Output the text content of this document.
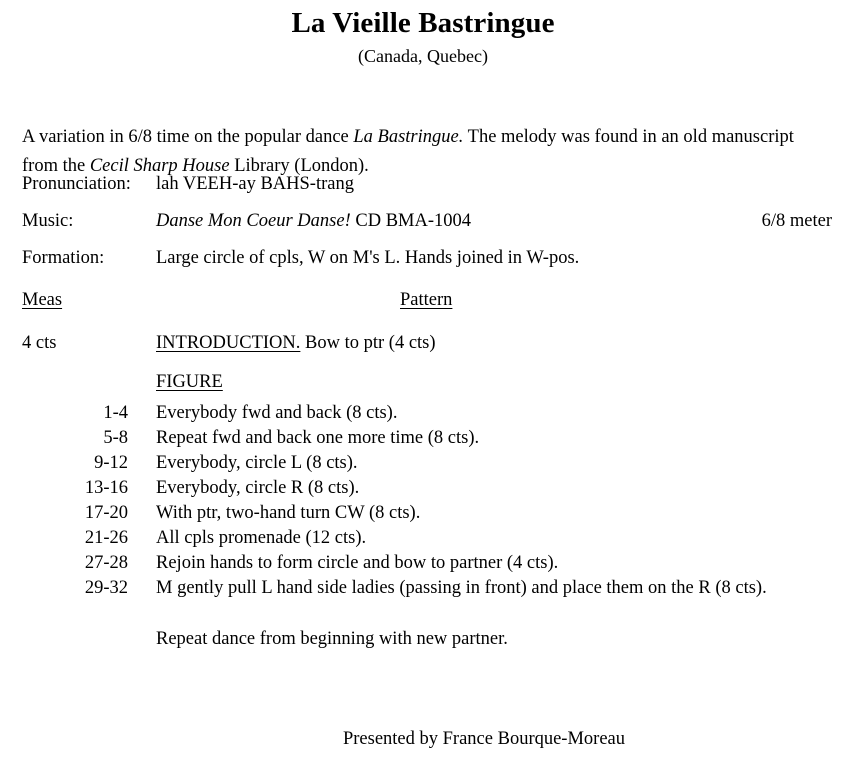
La Vieille Bastringue
(Canada, Quebec)

A variation in 6/8 time on the popular dance La Bastringue. The melody was found in an old manuscript from the Cecil Sharp House Library (London).

Pronunciation: lah VEEH-ay BAHS-trang
Music:	Danse Mon Coeur Danse! CD BMA-1004	6/8 meter
Formation:	Large circle of cpls, W on M's L. Hands joined in W-pos.
Meas	Pattern
4 cts	INTRODUCTION. Bow to ptr (4 cts)
FIGURE
1-4 Everybody fwd and back (8 cts).
5-8 Repeat fwd and back one more time (8 cts).
9-12 Everybody, circle L (8 cts).
13-16 Everybody, circle R (8 cts).
17-20 With ptr, two-hand turn CW (8 cts).
21-26 All cpls promenade (12 cts).
27-28 Rejoin hands to form circle and bow to partner (4 cts).
29-32 M gently pull L hand side ladies (passing in front) and place them on the R (8 cts).
Repeat dance from beginning with new partner.
Presented by France Bourque-Moreau
